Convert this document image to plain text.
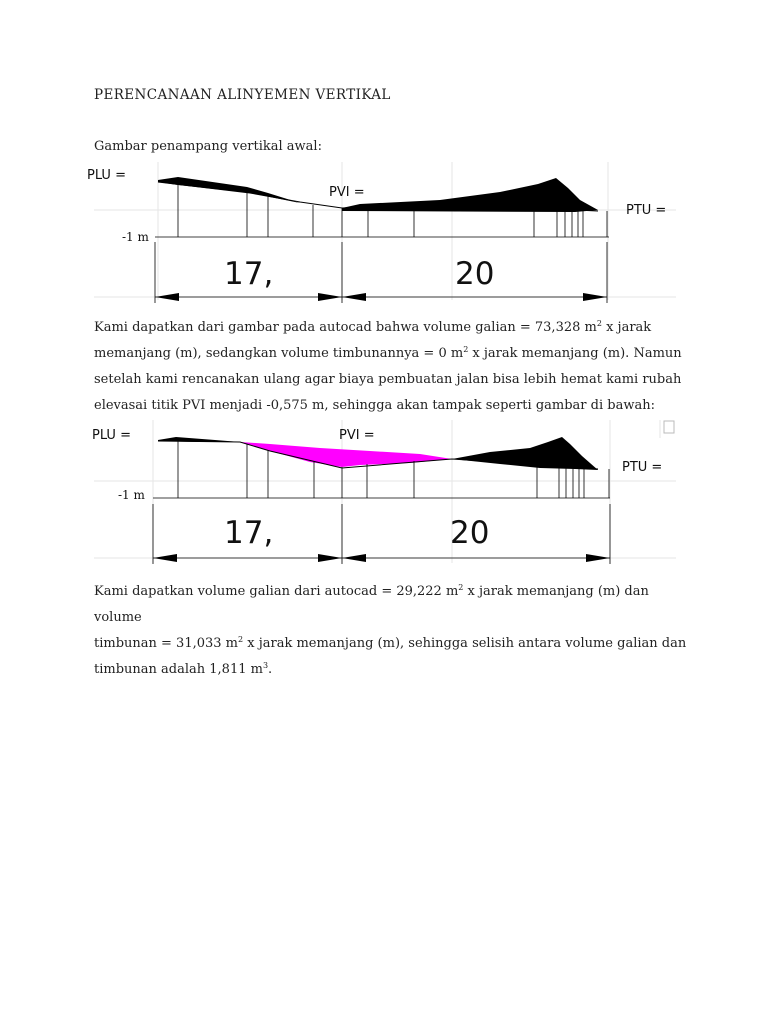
PERENCANAAN ALINYEMEN VERTIKAL

Gambar penampang vertikal awal:

PLU =
PVI =
PTU =
-1 m
17,	20

Kami dapatkan dari gambar pada autocad bahwa volume galian = 73,328 $m^2$ x jarak
memanjang (m), sedangkan volume timbunannya = 0 $m^2$ x jarak memanjang (m). Namun
setelah kami rencanakan ulang agar biaya pembuatan jalan bisa lebih hemat kami rubah
elevasai titik PVI menjadi -0,575 m, sehingga akan tampak seperti gambar di bawah:

PLU =	PVI =
PTU =
-1 m
17,	20

Kami dapatkan volume galian dari autocad = 29,222 $m^2$ x jarak memanjang (m) dan volume
timbunan = 31,033 $m^2$ x jarak memanjang (m), sehingga selisih antara volume galian dan
timbunan adalah 1,811 $m^3$.
